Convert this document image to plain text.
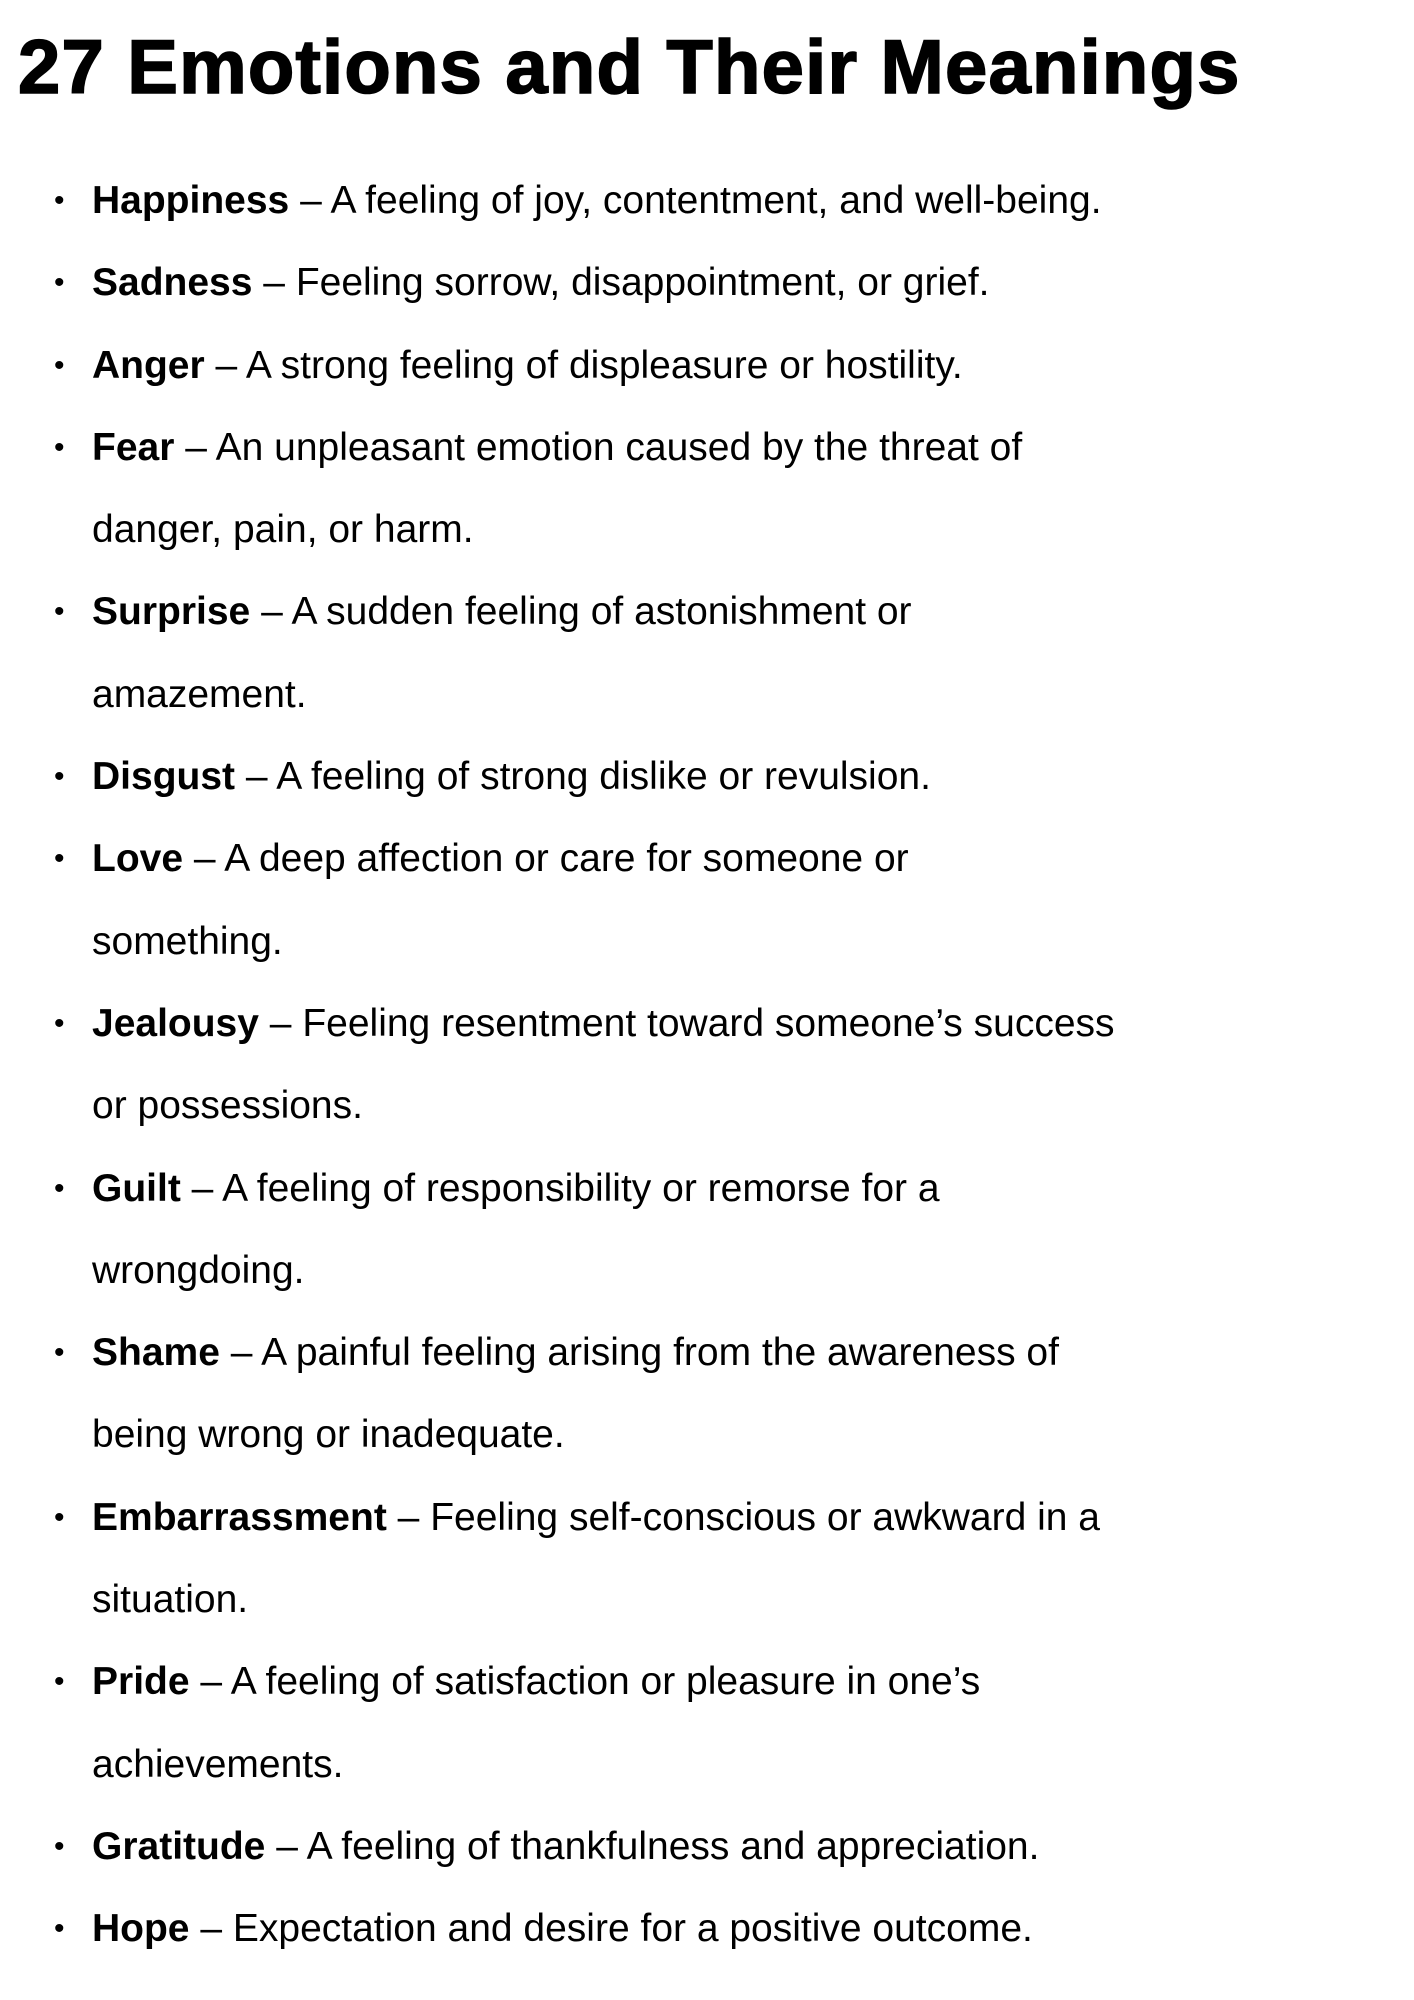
27 Emotions and Their Meanings
• Happiness – A feeling of joy, contentment, and well-being.
• Sadness – Feeling sorrow, disappointment, or grief.
• Anger – A strong feeling of displeasure or hostility.
• Fear – An unpleasant emotion caused by the threat of
danger, pain, or harm.
• Surprise – A sudden feeling of astonishment or
amazement.
• Disgust – A feeling of strong dislike or revulsion.
• Love – A deep affection or care for someone or
something.
• Jealousy – Feeling resentment toward someone’s success
or possessions.
• Guilt – A feeling of responsibility or remorse for a
wrongdoing.
• Shame – A painful feeling arising from the awareness of
being wrong or inadequate.
• Embarrassment – Feeling self-conscious or awkward in a
situation.
• Pride – A feeling of satisfaction or pleasure in one’s
achievements.
• Gratitude – A feeling of thankfulness and appreciation.
• Hope – Expectation and desire for a positive outcome.
